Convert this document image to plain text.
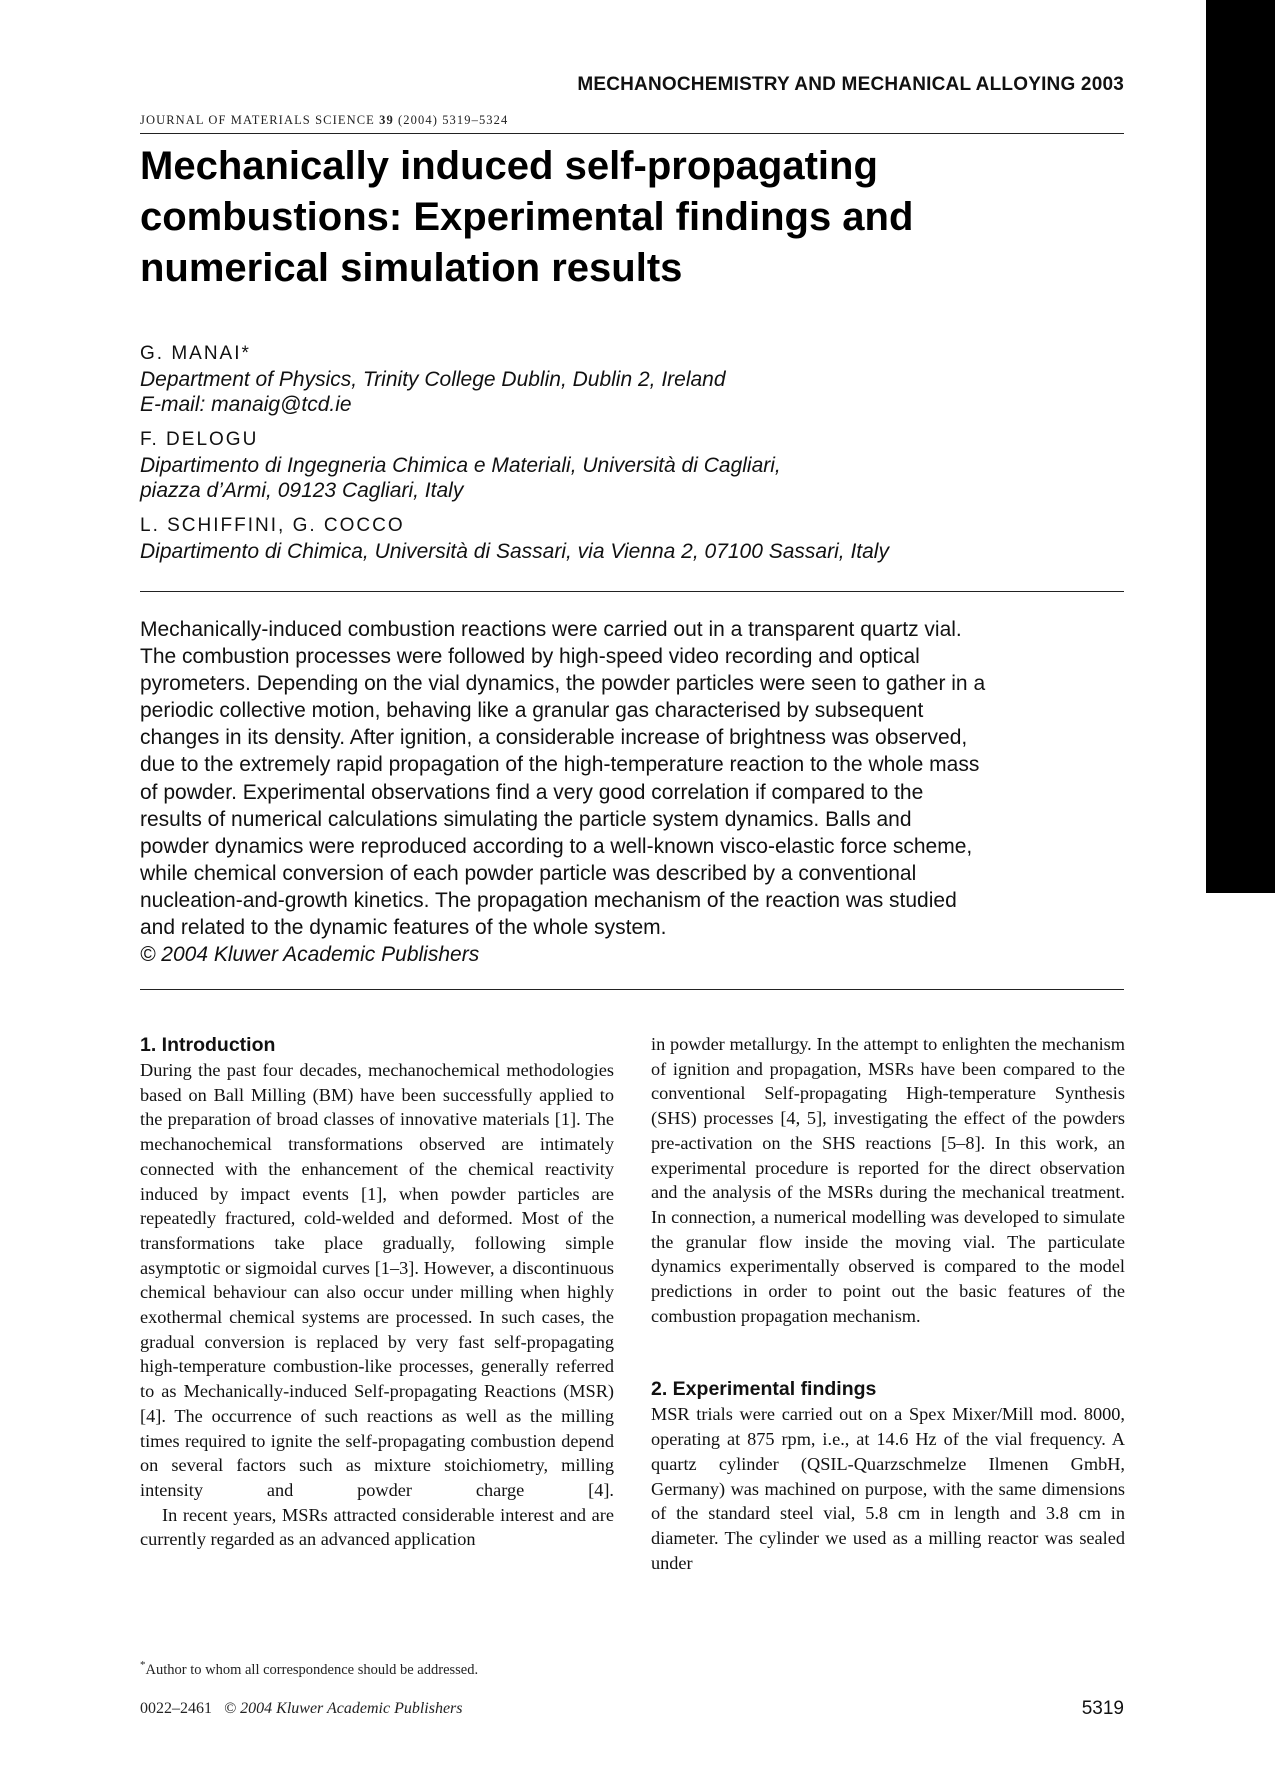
MECHANOCHEMISTRY AND MECHANICAL ALLOYING 2003
JOURNAL OF MATERIALS SCIENCE 39 (2004) 5319–5324
Mechanically induced self-propagating
combustions: Experimental findings and
numerical simulation results
G. MANAI*
Department of Physics, Trinity College Dublin, Dublin 2, Ireland
E-mail: manaig@tcd.ie
F. DELOGU
Dipartimento di Ingegneria Chimica e Materiali, Università di Cagliari,
piazza d’Armi, 09123 Cagliari, Italy
L. SCHIFFINI, G. COCCO
Dipartimento di Chimica, Università di Sassari, via Vienna 2, 07100 Sassari, Italy
Mechanically-induced combustion reactions were carried out in a transparent quartz vial.
The combustion processes were followed by high-speed video recording and optical
pyrometers. Depending on the vial dynamics, the powder particles were seen to gather in a
periodic collective motion, behaving like a granular gas characterised by subsequent
changes in its density. After ignition, a considerable increase of brightness was observed,
due to the extremely rapid propagation of the high-temperature reaction to the whole mass
of powder. Experimental observations find a very good correlation if compared to the
results of numerical calculations simulating the particle system dynamics. Balls and
powder dynamics were reproduced according to a well-known visco-elastic force scheme,
while chemical conversion of each powder particle was described by a conventional
nucleation-and-growth kinetics. The propagation mechanism of the reaction was studied
and related to the dynamic features of the whole system.
© 2004 Kluwer Academic Publishers
1. Introduction

During the past four decades, mechanochemical methodologies based on Ball Milling (BM) have been successfully applied to the preparation of broad classes of innovative materials [1]. The mechanochemical transformations observed are intimately connected with the enhancement of the chemical reactivity induced by impact events [1], when powder particles are repeatedly fractured, cold-welded and deformed. Most of the transformations take place gradually, following simple asymptotic or sigmoidal curves [1–3]. However, a discontinuous chemical behaviour can also occur under milling when highly exothermal chemical systems are processed. In such cases, the gradual conversion is replaced by very fast self-propagating high-temperature combustion-like processes, generally referred to as Mechanically-induced Self-propagating Reactions (MSR) [4]. The occurrence of such reactions as well as the milling times required to ignite the self-propagating combustion depend on several factors such as mixture stoichiometry, milling intensity and powder charge [4].

In recent years, MSRs attracted considerable interest and are currently regarded as an advanced application

in powder metallurgy. In the attempt to enlighten the mechanism of ignition and propagation, MSRs have been compared to the conventional Self-propagating High-temperature Synthesis (SHS) processes [4, 5], investigating the effect of the powders pre-activation on the SHS reactions [5–8]. In this work, an experimental procedure is reported for the direct observation and the analysis of the MSRs during the mechanical treatment. In connection, a numerical modelling was developed to simulate the granular flow inside the moving vial. The particulate dynamics experimentally observed is compared to the model predictions in order to point out the basic features of the combustion propagation mechanism.

2. Experimental findings

MSR trials were carried out on a Spex Mixer/Mill mod. 8000, operating at 875 rpm, i.e., at 14.6 Hz of the vial frequency. A quartz cylinder (QSIL-Quarzschmelze Ilmenen GmbH, Germany) was machined on purpose, with the same dimensions of the standard steel vial, 5.8 cm in length and 3.8 cm in diameter. The cylinder we used as a milling reactor was sealed under

*Author to whom all correspondence should be addressed.
0022–2461 © 2004 Kluwer Academic Publishers	5319
